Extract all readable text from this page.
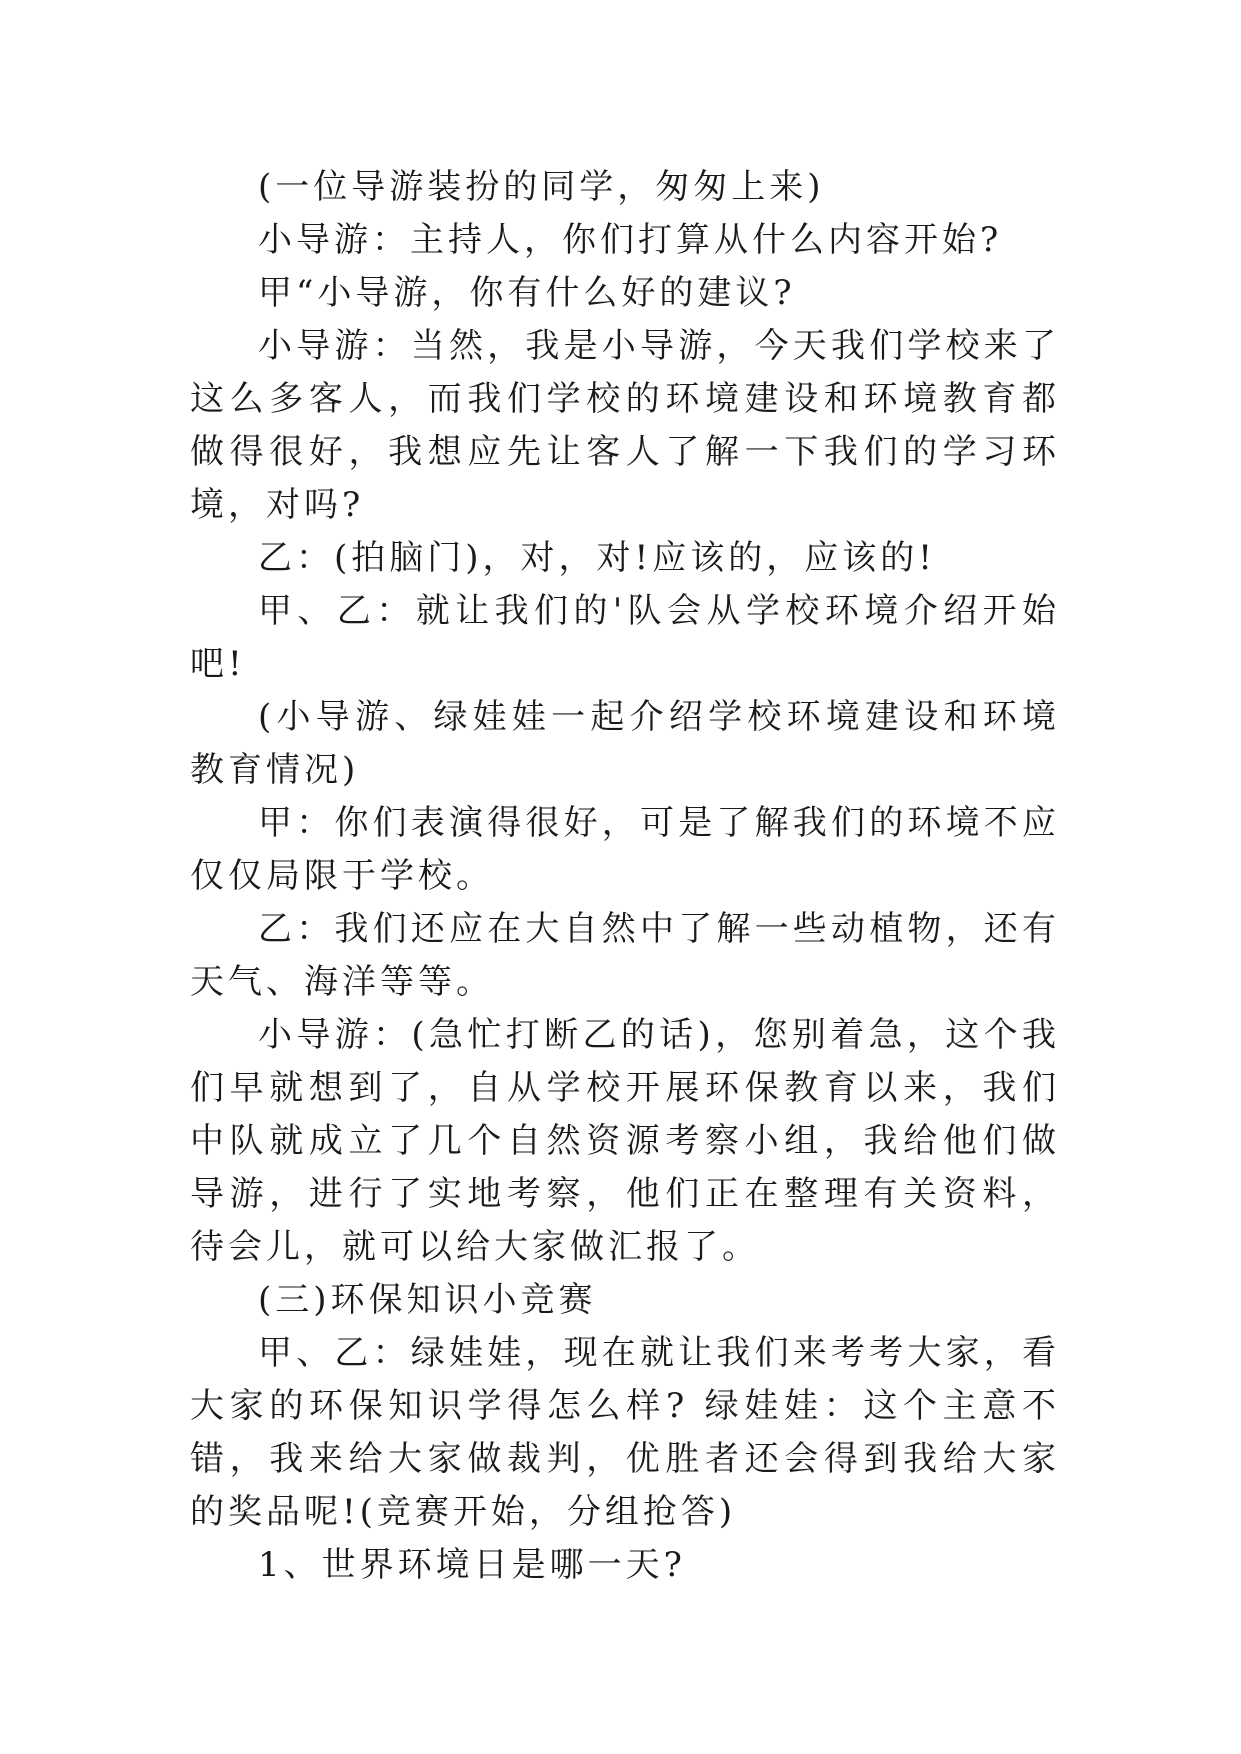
(一位导游装扮的同学，匆匆上来)

小导游：主持人，你们打算从什么内容开始?

甲“小导游，你有什么好的建议?

小导游：当然，我是小导游，今天我们学校来了这么多客人，而我们学校的环境建设和环境教育都做得很好，我想应先让客人了解一下我们的学习环境，对吗?

乙：(拍脑门)，对，对!应该的，应该的!

甲、乙：就让我们的'队会从学校环境介绍开始吧!

(小导游、绿娃娃一起介绍学校环境建设和环境教育情况)

甲：你们表演得很好，可是了解我们的环境不应仅仅局限于学校。

乙：我们还应在大自然中了解一些动植物，还有天气、海洋等等。

小导游：(急忙打断乙的话)，您别着急，这个我们早就想到了，自从学校开展环保教育以来，我们中队就成立了几个自然资源考察小组，我给他们做导游，进行了实地考察，他们正在整理有关资料，待会儿，就可以给大家做汇报了。

(三)环保知识小竞赛

甲、乙：绿娃娃，现在就让我们来考考大家，看大家的环保知识学得怎么样? 绿娃娃：这个主意不错，我来给大家做裁判，优胜者还会得到我给大家的奖品呢!(竞赛开始，分组抢答)

1、世界环境日是哪一天?
